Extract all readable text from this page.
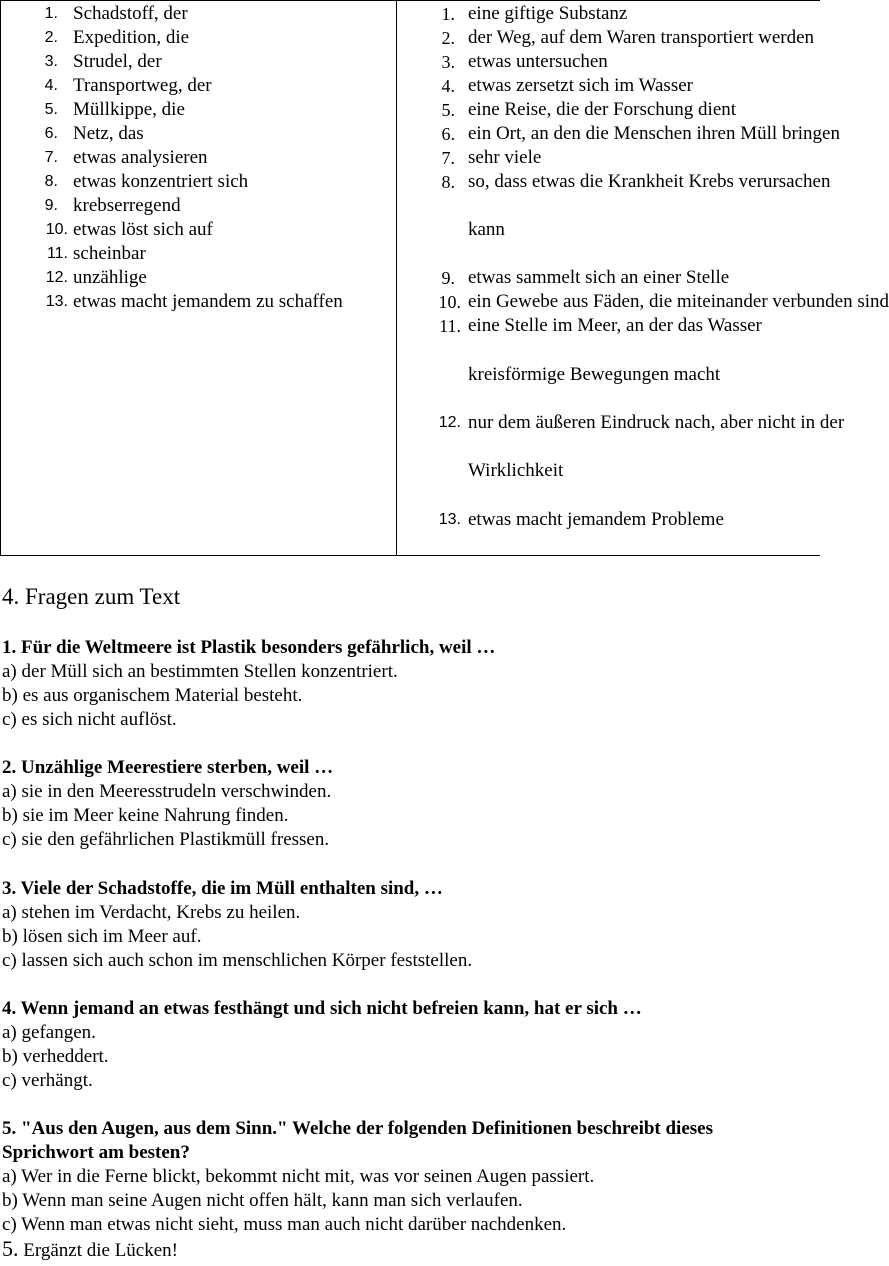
1. Schadstoff, der
2. Expedition, die
3. Strudel, der
4. Transportweg, der
5. Müllkippe, die
6. Netz, das
7. etwas analysieren
8. etwas konzentriert sich
9. krebserregend
10. etwas löst sich auf
11. scheinbar
12. unzählige
13. etwas macht jemandem zu schaffen
1. eine giftige Substanz
2. der Weg, auf dem Waren transportiert werden
3. etwas untersuchen
4. etwas zersetzt sich im Wasser
5. eine Reise, die der Forschung dient
6. ein Ort, an den die Menschen ihren Müll bringen
7. sehr viele
8. so, dass etwas die Krankheit Krebs verursachen
kann
9. etwas sammelt sich an einer Stelle
10. ein Gewebe aus Fäden, die miteinander verbunden sind
11. eine Stelle im Meer, an der das Wasser
kreisförmige Bewegungen macht
12. nur dem äußeren Eindruck nach, aber nicht in der
Wirklichkeit
13. etwas macht jemandem Probleme
4. Fragen zum Text
1. Für die Weltmeere ist Plastik besonders gefährlich, weil …
a) der Müll sich an bestimmten Stellen konzentriert.
b) es aus organischem Material besteht.
c) es sich nicht auflöst.
2. Unzählige Meerestiere sterben, weil …
a) sie in den Meeresstrudeln verschwinden.
b) sie im Meer keine Nahrung finden.
c) sie den gefährlichen Plastikmüll fressen.
3. Viele der Schadstoffe, die im Müll enthalten sind, …
a) stehen im Verdacht, Krebs zu heilen.
b) lösen sich im Meer auf.
c) lassen sich auch schon im menschlichen Körper feststellen.
4. Wenn jemand an etwas festhängt und sich nicht befreien kann, hat er sich …
a) gefangen.
b) verheddert.
c) verhängt.
5. "Aus den Augen, aus dem Sinn." Welche der folgenden Definitionen beschreibt dieses
Sprichwort am besten?
a) Wer in die Ferne blickt, bekommt nicht mit, was vor seinen Augen passiert.
b) Wenn man seine Augen nicht offen hält, kann man sich verlaufen.
c) Wenn man etwas nicht sieht, muss man auch nicht darüber nachdenken.
5. Ergänzt die Lücken!
